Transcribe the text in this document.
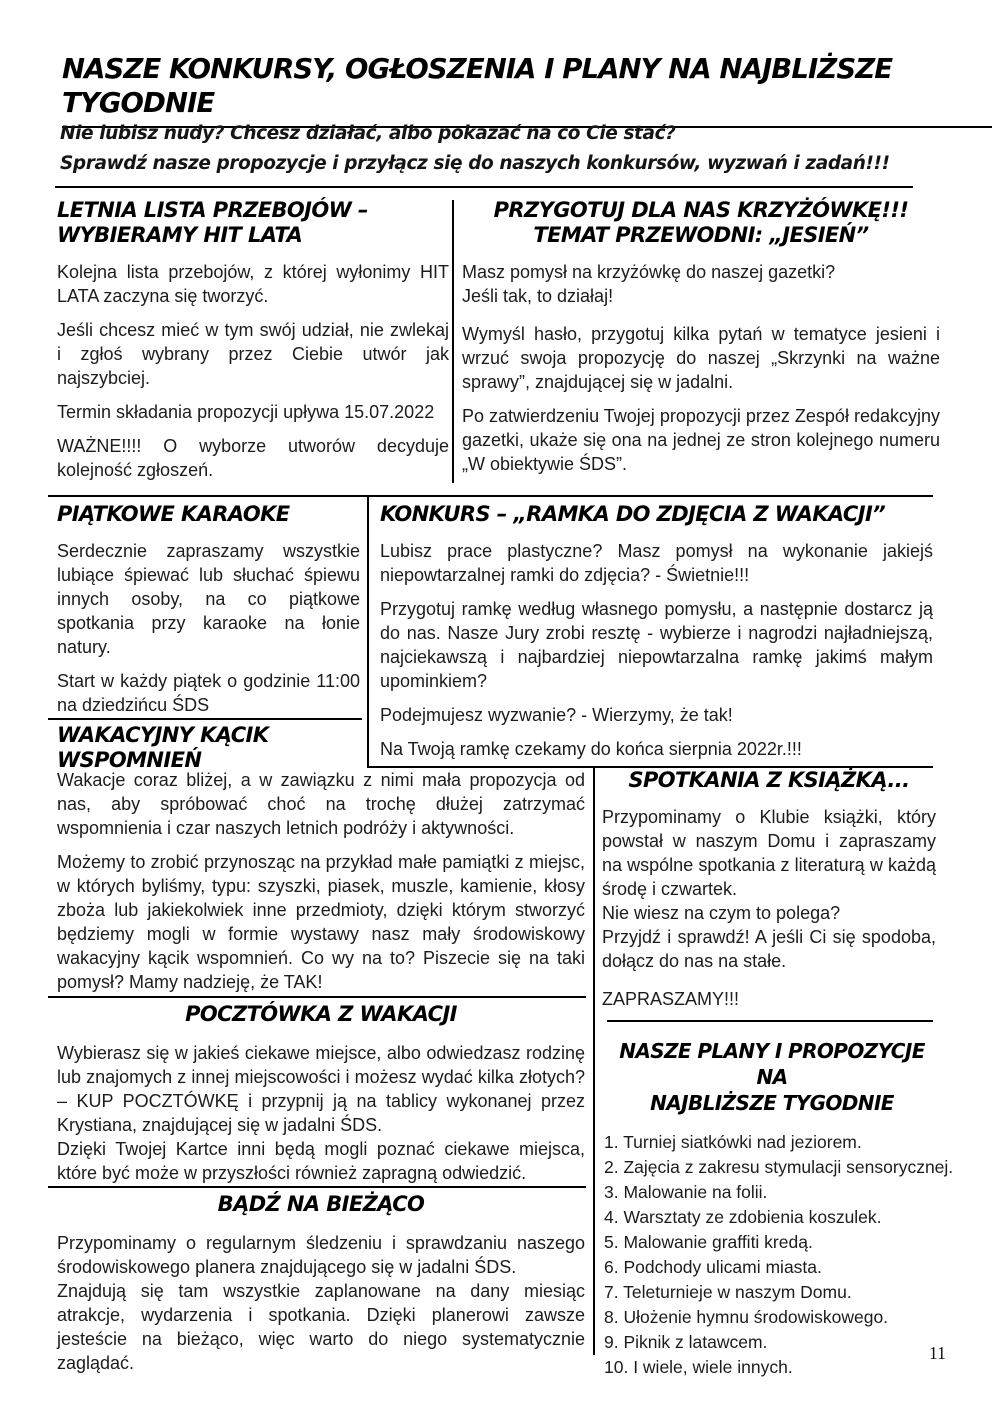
NASZE KONKURSY, OGŁOSZENIA I PLANY NA NAJBLIŻSZE TYGODNIE
Nie lubisz nudy? Chcesz działać, albo pokazać na co Cie stać?
Sprawdź nasze propozycje i przyłącz się do naszych konkursów, wyzwań i zadań!!!
LETNIA LISTA PRZEBOJÓW –
WYBIERAMY HIT LATA

Kolejna lista przebojów, z której wyłonimy HIT LATA zaczyna się tworzyć.

Jeśli chcesz mieć w tym swój udział, nie zwlekaj i zgłoś wybrany przez Ciebie utwór jak najszybciej.

Termin składania propozycji upływa 15.07.2022

WAŻNE!!!! O wyborze utworów decyduje kolejność zgłoszeń.

PRZYGOTUJ DLA NAS KRZYŻÓWKĘ!!!
TEMAT PRZEWODNI: „JESIEŃ”

Masz pomysł na krzyżówkę do naszej gazetki?

Jeśli tak, to działaj!

Wymyśl hasło, przygotuj kilka pytań w tematyce jesieni i wrzuć swoja propozycję do naszej „Skrzynki na ważne sprawy”, znajdującej się w jadalni.

Po zatwierdzeniu Twojej propozycji przez Zespół redakcyjny gazetki, ukaże się ona na jednej ze stron kolejnego numeru „W obiektywie ŚDS”.

PIĄTKOWE KARAOKE

Serdecznie zapraszamy wszystkie lubiące śpiewać lub słuchać śpiewu innych osoby, na co piątkowe spotkania przy karaoke na łonie natury.

Start w każdy piątek o godzinie 11:00 na dziedzińcu ŚDS

KONKURS – „RAMKA DO ZDJĘCIA Z WAKACJI”

Lubisz prace plastyczne? Masz pomysł na wykonanie jakiejś niepowtarzalnej ramki do zdjęcia? - Świetnie!!!

Przygotuj ramkę według własnego pomysłu, a następnie dostarcz ją do nas. Nasze Jury zrobi resztę - wybierze i nagrodzi najładniejszą, najciekawszą i najbardziej niepowtarzalna ramkę jakimś małym upominkiem?

Podejmujesz wyzwanie? - Wierzymy, że tak!

Na Twoją ramkę czekamy do końca sierpnia 2022r.!!!

WAKACYJNY KĄCIK WSPOMNIEŃ

Wakacje coraz bliżej, a w zawiązku z nimi mała propozycja od nas, aby spróbować choć na trochę dłużej zatrzymać wspomnienia i czar naszych letnich podróży i aktywności.

Możemy to zrobić przynosząc na przykład małe pamiątki z miejsc, w których byliśmy, typu: szyszki, piasek, muszle, kamienie, kłosy zboża lub jakiekolwiek inne przedmioty, dzięki którym stworzyć będziemy mogli w formie wystawy nasz mały środowiskowy wakacyjny kącik wspomnień. Co wy na to? Piszecie się na taki pomysł? Mamy nadzieję, że TAK!

SPOTKANIA Z KSIĄŻKĄ...

Przypominamy o Klubie książki, który powstał w naszym Domu i zapraszamy na wspólne spotkania z literaturą w każdą środę i czwartek.

Nie wiesz na czym to polega?

Przyjdź i sprawdź! A jeśli Ci się spodoba, dołącz do nas na stałe.

ZAPRASZAMY!!!

POCZTÓWKA Z WAKACJI

Wybierasz się w jakieś ciekawe miejsce, albo odwiedzasz rodzinę lub znajomych z innej miejscowości i możesz wydać kilka złotych? – KUP POCZTÓWKĘ i przypnij ją na tablicy wykonanej przez Krystiana, znajdującej się w jadalni ŚDS.

Dzięki Twojej Kartce inni będą mogli poznać ciekawe miejsca, które być może w przyszłości również zapragną odwiedzić.

BĄDŹ NA BIEŻĄCO

Przypominamy o regularnym śledzeniu i sprawdzaniu naszego środowiskowego planera znajdującego się w jadalni ŚDS.

Znajdują się tam wszystkie zaplanowane na dany miesiąc atrakcje, wydarzenia i spotkania. Dzięki planerowi zawsze jesteście na bieżąco, więc warto do niego systematycznie zaglądać.

NASZE PLANY I PROPOZYCJE NA
NAJBLIŻSZE TYGODNIE
1. Turniej siatkówki nad jeziorem.
2. Zajęcia z zakresu stymulacji sensorycznej.
3. Malowanie na folii.
4. Warsztaty ze zdobienia koszulek.
5. Malowanie graffiti kredą.
6. Podchody ulicami miasta.
7. Teleturnieje w naszym Domu.
8. Ułożenie hymnu środowiskowego.
9. Piknik z latawcem.
10. I wiele, wiele innych.
11
